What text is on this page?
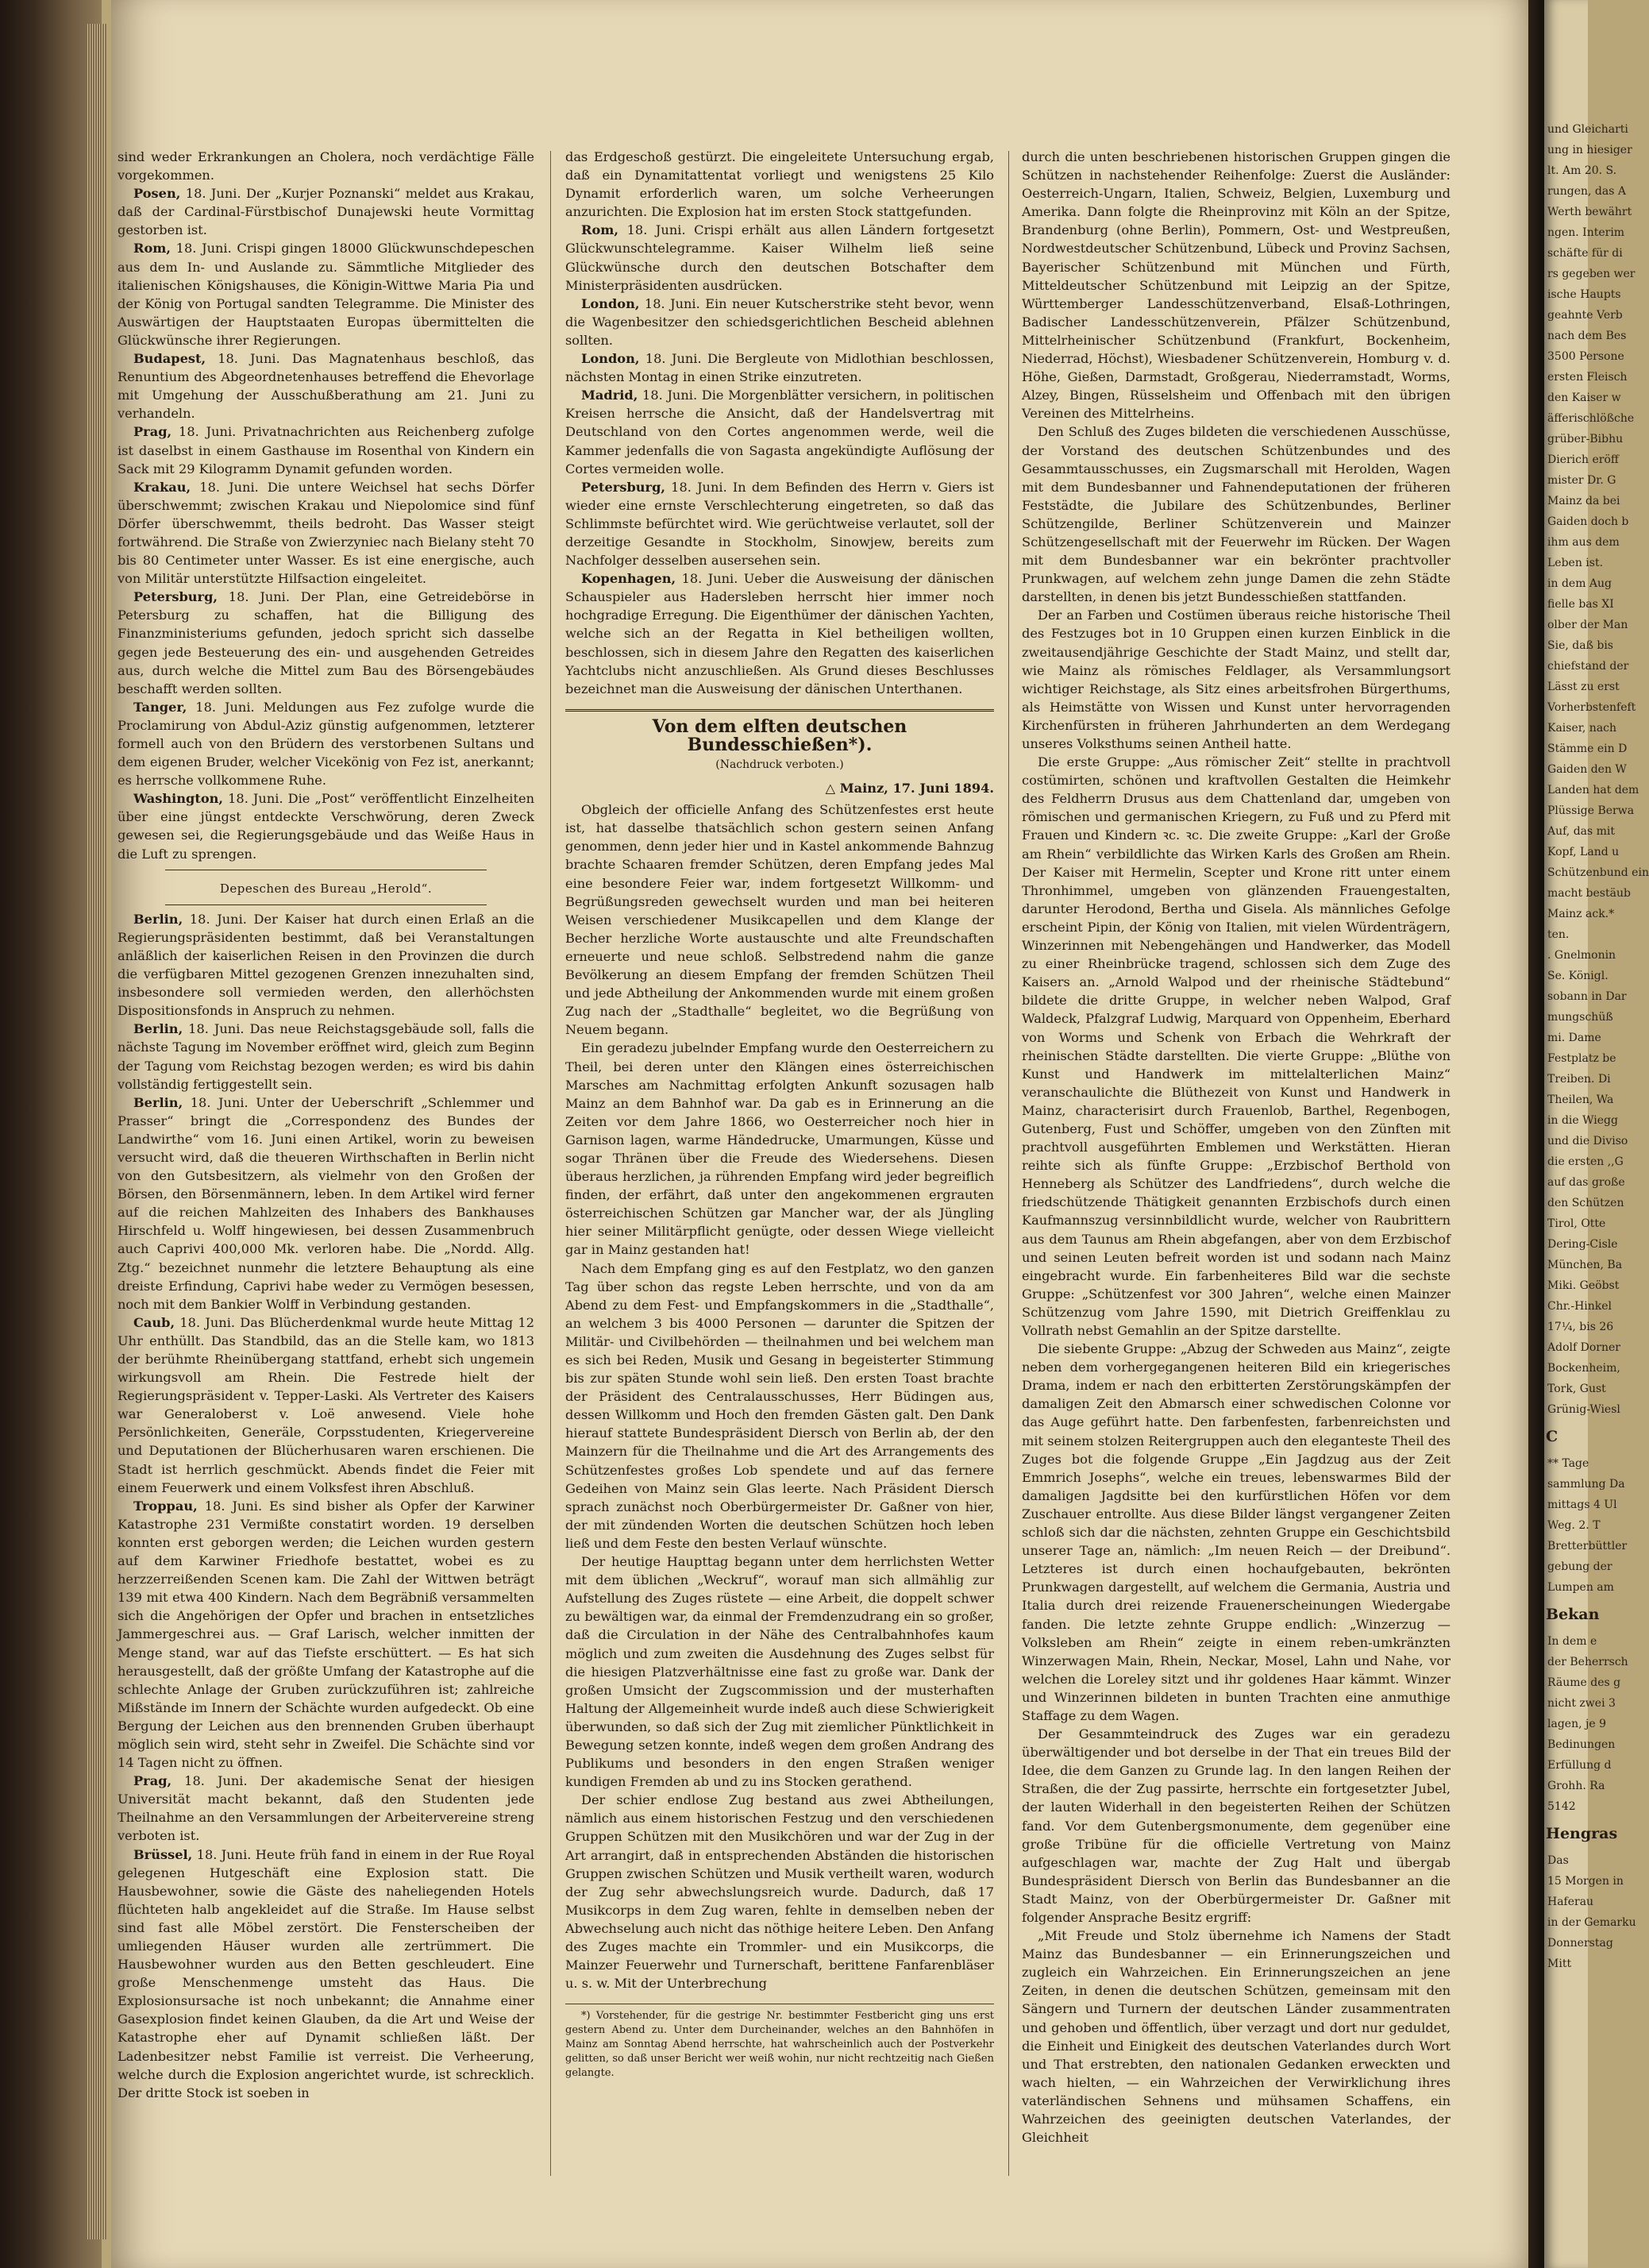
sind weder Erkrankungen an Cholera, noch verdächtige Fälle vorgekommen.

Posen, 18. Juni. Der „Kurjer Poznanski“ meldet aus Krakau, daß der Cardinal-Fürstbischof Dunajewski heute Vormittag gestorben ist.

Rom, 18. Juni. Crispi gingen 18000 Glückwunschdepeschen aus dem In- und Auslande zu. Sämmtliche Mitglieder des italienischen Königshauses, die Königin-Wittwe Maria Pia und der König von Portugal sandten Telegramme. Die Minister des Auswärtigen der Hauptstaaten Europas übermittelten die Glückwünsche ihrer Regierungen.

Budapest, 18. Juni. Das Magnatenhaus beschloß, das Renuntium des Abgeordnetenhauses betreffend die Ehevorlage mit Umgehung der Ausschußberathung am 21. Juni zu verhandeln.

Prag, 18. Juni. Privatnachrichten aus Reichenberg zufolge ist daselbst in einem Gasthause im Rosenthal von Kindern ein Sack mit 29 Kilogramm Dynamit gefunden worden.

Krakau, 18. Juni. Die untere Weichsel hat sechs Dörfer überschwemmt; zwischen Krakau und Niepolomice sind fünf Dörfer überschwemmt, theils bedroht. Das Wasser steigt fortwährend. Die Straße von Zwierzyniec nach Bielany steht 70 bis 80 Centimeter unter Wasser. Es ist eine energische, auch von Militär unterstützte Hilfsaction eingeleitet.

Petersburg, 18. Juni. Der Plan, eine Getreidebörse in Petersburg zu schaffen, hat die Billigung des Finanzministeriums gefunden, jedoch spricht sich dasselbe gegen jede Besteuerung des ein- und ausgehenden Getreides aus, durch welche die Mittel zum Bau des Börsengebäudes beschafft werden sollten.

Tanger, 18. Juni. Meldungen aus Fez zufolge wurde die Proclamirung von Abdul-Aziz günstig aufgenommen, letzterer formell auch von den Brüdern des verstorbenen Sultans und dem eigenen Bruder, welcher Vicekönig von Fez ist, anerkannt; es herrsche vollkommene Ruhe.

Washington, 18. Juni. Die „Post“ veröffentlicht Einzelheiten über eine jüngst entdeckte Verschwörung, deren Zweck gewesen sei, die Regierungsgebäude und das Weiße Haus in die Luft zu sprengen.

Depeschen des Bureau „Herold“.

Berlin, 18. Juni. Der Kaiser hat durch einen Erlaß an die Regierungspräsidenten bestimmt, daß bei Veranstaltungen anläßlich der kaiserlichen Reisen in den Provinzen die durch die verfügbaren Mittel gezogenen Grenzen innezuhalten sind, insbesondere soll vermieden werden, den allerhöchsten Dispositionsfonds in Anspruch zu nehmen.

Berlin, 18. Juni. Das neue Reichstagsgebäude soll, falls die nächste Tagung im November eröffnet wird, gleich zum Beginn der Tagung vom Reichstag bezogen werden; es wird bis dahin vollständig fertiggestellt sein.

Berlin, 18. Juni. Unter der Ueberschrift „Schlemmer und Prasser“ bringt die „Correspondenz des Bundes der Landwirthe“ vom 16. Juni einen Artikel, worin zu beweisen versucht wird, daß die theueren Wirthschaften in Berlin nicht von den Gutsbesitzern, als vielmehr von den Großen der Börsen, den Börsenmännern, leben. In dem Artikel wird ferner auf die reichen Mahlzeiten des Inhabers des Bankhauses Hirschfeld u. Wolff hingewiesen, bei dessen Zusammenbruch auch Caprivi 400,000 Mk. verloren habe. Die „Nordd. Allg. Ztg.“ bezeichnet nunmehr die letztere Behauptung als eine dreiste Erfindung, Caprivi habe weder zu Vermögen besessen, noch mit dem Bankier Wolff in Verbindung gestanden.

Caub, 18. Juni. Das Blücherdenkmal wurde heute Mittag 12 Uhr enthüllt. Das Standbild, das an die Stelle kam, wo 1813 der berühmte Rheinübergang stattfand, erhebt sich ungemein wirkungsvoll am Rhein. Die Festrede hielt der Regierungspräsident v. Tepper-Laski. Als Vertreter des Kaisers war Generaloberst v. Loë anwesend. Viele hohe Persönlichkeiten, Generäle, Corpsstudenten, Kriegervereine und Deputationen der Blücherhusaren waren erschienen. Die Stadt ist herrlich geschmückt. Abends findet die Feier mit einem Feuerwerk und einem Volksfest ihren Abschluß.

Troppau, 18. Juni. Es sind bisher als Opfer der Karwiner Katastrophe 231 Vermißte constatirt worden. 19 derselben konnten erst geborgen werden; die Leichen wurden gestern auf dem Karwiner Friedhofe bestattet, wobei es zu herzzerreißenden Scenen kam. Die Zahl der Wittwen beträgt 139 mit etwa 400 Kindern. Nach dem Begräbniß versammelten sich die Angehörigen der Opfer und brachen in entsetzliches Jammergeschrei aus. — Graf Larisch, welcher inmitten der Menge stand, war auf das Tiefste erschüttert. — Es hat sich herausgestellt, daß der größte Umfang der Katastrophe auf die schlechte Anlage der Gruben zurückzuführen ist; zahlreiche Mißstände im Innern der Schächte wurden aufgedeckt. Ob eine Bergung der Leichen aus den brennenden Gruben überhaupt möglich sein wird, steht sehr in Zweifel. Die Schächte sind vor 14 Tagen nicht zu öffnen.

Prag, 18. Juni. Der akademische Senat der hiesigen Universität macht bekannt, daß den Studenten jede Theilnahme an den Versammlungen der Arbeitervereine streng verboten ist.

Brüssel, 18. Juni. Heute früh fand in einem in der Rue Royal gelegenen Hutgeschäft eine Explosion statt. Die Hausbewohner, sowie die Gäste des naheliegenden Hotels flüchteten halb angekleidet auf die Straße. Im Hause selbst sind fast alle Möbel zerstört. Die Fensterscheiben der umliegenden Häuser wurden alle zertrümmert. Die Hausbewohner wurden aus den Betten geschleudert. Eine große Menschenmenge umsteht das Haus. Die Explosionsursache ist noch unbekannt; die Annahme einer Gasexplosion findet keinen Glauben, da die Art und Weise der Katastrophe eher auf Dynamit schließen läßt. Der Ladenbesitzer nebst Familie ist verreist. Die Verheerung, welche durch die Explosion angerichtet wurde, ist schrecklich. Der dritte Stock ist soeben in

das Erdgeschoß gestürzt. Die eingeleitete Untersuchung ergab, daß ein Dynamitattentat vorliegt und wenigstens 25 Kilo Dynamit erforderlich waren, um solche Verheerungen anzurichten. Die Explosion hat im ersten Stock stattgefunden.

Rom, 18. Juni. Crispi erhält aus allen Ländern fortgesetzt Glückwunschtelegramme. Kaiser Wilhelm ließ seine Glückwünsche durch den deutschen Botschafter dem Ministerpräsidenten ausdrücken.

London, 18. Juni. Ein neuer Kutscherstrike steht bevor, wenn die Wagenbesitzer den schiedsgerichtlichen Bescheid ablehnen sollten.

London, 18. Juni. Die Bergleute von Midlothian beschlossen, nächsten Montag in einen Strike einzutreten.

Madrid, 18. Juni. Die Morgenblätter versichern, in politischen Kreisen herrsche die Ansicht, daß der Handelsvertrag mit Deutschland von den Cortes angenommen werde, weil die Kammer jedenfalls die von Sagasta angekündigte Auflösung der Cortes vermeiden wolle.

Petersburg, 18. Juni. In dem Befinden des Herrn v. Giers ist wieder eine ernste Verschlechterung eingetreten, so daß das Schlimmste befürchtet wird. Wie gerüchtweise verlautet, soll der derzeitige Gesandte in Stockholm, Sinowjew, bereits zum Nachfolger desselben ausersehen sein.

Kopenhagen, 18. Juni. Ueber die Ausweisung der dänischen Schauspieler aus Hadersleben herrscht hier immer noch hochgradige Erregung. Die Eigenthümer der dänischen Yachten, welche sich an der Regatta in Kiel betheiligen wollten, beschlossen, sich in diesem Jahre den Regatten des kaiserlichen Yachtclubs nicht anzuschließen. Als Grund dieses Beschlusses bezeichnet man die Ausweisung der dänischen Unterthanen.

Von dem elften deutschen Bundesschießen*).
(Nachdruck verboten.)
△ Mainz, 17. Juni 1894.

Obgleich der officielle Anfang des Schützenfestes erst heute ist, hat dasselbe thatsächlich schon gestern seinen Anfang genommen, denn jeder hier und in Kastel ankommende Bahnzug brachte Schaaren fremder Schützen, deren Empfang jedes Mal eine besondere Feier war, indem fortgesetzt Willkomm- und Begrüßungsreden gewechselt wurden und man bei heiteren Weisen verschiedener Musikcapellen und dem Klange der Becher herzliche Worte austauschte und alte Freundschaften erneuerte und neue schloß. Selbstredend nahm die ganze Bevölkerung an diesem Empfang der fremden Schützen Theil und jede Abtheilung der Ankommenden wurde mit einem großen Zug nach der „Stadthalle“ begleitet, wo die Begrüßung von Neuem begann.

Ein geradezu jubelnder Empfang wurde den Oesterreichern zu Theil, bei deren unter den Klängen eines österreichischen Marsches am Nachmittag erfolgten Ankunft sozusagen halb Mainz an dem Bahnhof war. Da gab es in Erinnerung an die Zeiten vor dem Jahre 1866, wo Oesterreicher noch hier in Garnison lagen, warme Händedrucke, Umarmungen, Küsse und sogar Thränen über die Freude des Wiedersehens. Diesen überaus herzlichen, ja rührenden Empfang wird jeder begreiflich finden, der erfährt, daß unter den angekommenen ergrauten österreichischen Schützen gar Mancher war, der als Jüngling hier seiner Militärpflicht genügte, oder dessen Wiege vielleicht gar in Mainz gestanden hat!

Nach dem Empfang ging es auf den Festplatz, wo den ganzen Tag über schon das regste Leben herrschte, und von da am Abend zu dem Fest- und Empfangskommers in die „Stadthalle“, an welchem 3 bis 4000 Personen — darunter die Spitzen der Militär- und Civilbehörden — theilnahmen und bei welchem man es sich bei Reden, Musik und Gesang in begeisterter Stimmung bis zur späten Stunde wohl sein ließ. Den ersten Toast brachte der Präsident des Centralausschusses, Herr Büdingen aus, dessen Willkomm und Hoch den fremden Gästen galt. Den Dank hierauf stattete Bundespräsident Diersch von Berlin ab, der den Mainzern für die Theilnahme und die Art des Arrangements des Schützenfestes großes Lob spendete und auf das fernere Gedeihen von Mainz sein Glas leerte. Nach Präsident Diersch sprach zunächst noch Oberbürgermeister Dr. Gaßner von hier, der mit zündenden Worten die deutschen Schützen hoch leben ließ und dem Feste den besten Verlauf wünschte.

Der heutige Haupttag begann unter dem herrlichsten Wetter mit dem üblichen „Weckruf“, worauf man sich allmählig zur Aufstellung des Zuges rüstete — eine Arbeit, die doppelt schwer zu bewältigen war, da einmal der Fremdenzudrang ein so großer, daß die Circulation in der Nähe des Centralbahnhofes kaum möglich und zum zweiten die Ausdehnung des Zuges selbst für die hiesigen Platzverhältnisse eine fast zu große war. Dank der großen Umsicht der Zugscommission und der musterhaften Haltung der Allgemeinheit wurde indeß auch diese Schwierigkeit überwunden, so daß sich der Zug mit ziemlicher Pünktlichkeit in Bewegung setzen konnte, indeß wegen dem großen Andrang des Publikums und besonders in den engen Straßen weniger kundigen Fremden ab und zu ins Stocken gerathend.

Der schier endlose Zug bestand aus zwei Abtheilungen, nämlich aus einem historischen Festzug und den verschiedenen Gruppen Schützen mit den Musikchören und war der Zug in der Art arrangirt, daß in entsprechenden Abständen die historischen Gruppen zwischen Schützen und Musik vertheilt waren, wodurch der Zug sehr abwechslungsreich wurde. Dadurch, daß 17 Musikcorps in dem Zug waren, fehlte in demselben neben der Abwechselung auch nicht das nöthige heitere Leben. Den Anfang des Zuges machte ein Trommler- und ein Musikcorps, die Mainzer Feuerwehr und Turnerschaft, berittene Fanfarenbläser u. s. w. Mit der Unterbrechung

*) Vorstehender, für die gestrige Nr. bestimmter Festbericht ging uns erst gestern Abend zu. Unter dem Durcheinander, welches an den Bahnhöfen in Mainz am Sonntag Abend herrschte, hat wahrscheinlich auch der Postverkehr gelitten, so daß unser Bericht wer weiß wohin, nur nicht rechtzeitig nach Gießen gelangte.

durch die unten beschriebenen historischen Gruppen gingen die Schützen in nachstehender Reihenfolge: Zuerst die Ausländer: Oesterreich-Ungarn, Italien, Schweiz, Belgien, Luxemburg und Amerika. Dann folgte die Rheinprovinz mit Köln an der Spitze, Brandenburg (ohne Berlin), Pommern, Ost- und Westpreußen, Nordwestdeutscher Schützenbund, Lübeck und Provinz Sachsen, Bayerischer Schützenbund mit München und Fürth, Mitteldeutscher Schützenbund mit Leipzig an der Spitze, Württemberger Landesschützenverband, Elsaß-Lothringen, Badischer Landesschützenverein, Pfälzer Schützenbund, Mittelrheinischer Schützenbund (Frankfurt, Bockenheim, Niederrad, Höchst), Wiesbadener Schützenverein, Homburg v. d. Höhe, Gießen, Darmstadt, Großgerau, Niederramstadt, Worms, Alzey, Bingen, Rüsselsheim und Offenbach mit den übrigen Vereinen des Mittelrheins.

Den Schluß des Zuges bildeten die verschiedenen Ausschüsse, der Vorstand des deutschen Schützenbundes und des Gesammtausschusses, ein Zugsmarschall mit Herolden, Wagen mit dem Bundesbanner und Fahnendeputationen der früheren Feststädte, die Jubilare des Schützenbundes, Berliner Schützengilde, Berliner Schützenverein und Mainzer Schützengesellschaft mit der Feuerwehr im Rücken. Der Wagen mit dem Bundesbanner war ein bekrönter prachtvoller Prunkwagen, auf welchem zehn junge Damen die zehn Städte darstellten, in denen bis jetzt Bundesschießen stattfanden.

Der an Farben und Costümen überaus reiche historische Theil des Festzuges bot in 10 Gruppen einen kurzen Einblick in die zweitausendjährige Geschichte der Stadt Mainz, und stellt dar, wie Mainz als römisches Feldlager, als Versammlungsort wichtiger Reichstage, als Sitz eines arbeitsfrohen Bürgerthums, als Heimstätte von Wissen und Kunst unter hervorragenden Kirchenfürsten in früheren Jahrhunderten an dem Werdegang unseres Volksthums seinen Antheil hatte.

Die erste Gruppe: „Aus römischer Zeit“ stellte in prachtvoll costümirten, schönen und kraftvollen Gestalten die Heimkehr des Feldherrn Drusus aus dem Chattenland dar, umgeben von römischen und germanischen Kriegern, zu Fuß und zu Pferd mit Frauen und Kindern ꝛc. ꝛc. Die zweite Gruppe: „Karl der Große am Rhein“ verbildlichte das Wirken Karls des Großen am Rhein. Der Kaiser mit Hermelin, Scepter und Krone ritt unter einem Thronhimmel, umgeben von glänzenden Frauengestalten, darunter Herodond, Bertha und Gisela. Als männliches Gefolge erscheint Pipin, der König von Italien, mit vielen Würdenträgern, Winzerinnen mit Nebengehängen und Handwerker, das Modell zu einer Rheinbrücke tragend, schlossen sich dem Zuge des Kaisers an. „Arnold Walpod und der rheinische Städtebund“ bildete die dritte Gruppe, in welcher neben Walpod, Graf Waldeck, Pfalzgraf Ludwig, Marquard von Oppenheim, Eberhard von Worms und Schenk von Erbach die Wehrkraft der rheinischen Städte darstellten. Die vierte Gruppe: „Blüthe von Kunst und Handwerk im mittelalterlichen Mainz“ veranschaulichte die Blüthezeit von Kunst und Handwerk in Mainz, characterisirt durch Frauenlob, Barthel, Regenbogen, Gutenberg, Fust und Schöffer, umgeben von den Zünften mit prachtvoll ausgeführten Emblemen und Werkstätten. Hieran reihte sich als fünfte Gruppe: „Erzbischof Berthold von Henneberg als Schützer des Landfriedens“, durch welche die friedschützende Thätigkeit genannten Erzbischofs durch einen Kaufmannszug versinnbildlicht wurde, welcher von Raubrittern aus dem Taunus am Rhein abgefangen, aber von dem Erzbischof und seinen Leuten befreit worden ist und sodann nach Mainz eingebracht wurde. Ein farbenheiteres Bild war die sechste Gruppe: „Schützenfest vor 300 Jahren“, welche einen Mainzer Schützenzug vom Jahre 1590, mit Dietrich Greiffenklau zu Vollrath nebst Gemahlin an der Spitze darstellte.

Die siebente Gruppe: „Abzug der Schweden aus Mainz“, zeigte neben dem vorhergegangenen heiteren Bild ein kriegerisches Drama, indem er nach den erbitterten Zerstörungskämpfen der damaligen Zeit den Abmarsch einer schwedischen Colonne vor das Auge geführt hatte. Den farbenfesten, farbenreichsten und mit seinem stolzen Reitergruppen auch den eleganteste Theil des Zuges bot die folgende Gruppe „Ein Jagdzug aus der Zeit Emmrich Josephs“, welche ein treues, lebenswarmes Bild der damaligen Jagdsitte bei den kurfürstlichen Höfen vor dem Zuschauer entrollte. Aus diese Bilder längst vergangener Zeiten schloß sich dar die nächsten, zehnten Gruppe ein Geschichtsbild unserer Tage an, nämlich: „Im neuen Reich — der Dreibund“. Letzteres ist durch einen hochaufgebauten, bekrönten Prunkwagen dargestellt, auf welchem die Germania, Austria und Italia durch drei reizende Frauenerscheinungen Wiedergabe fanden. Die letzte zehnte Gruppe endlich: „Winzerzug — Volksleben am Rhein“ zeigte in einem reben-umkränzten Winzerwagen Main, Rhein, Neckar, Mosel, Lahn und Nahe, vor welchen die Loreley sitzt und ihr goldenes Haar kämmt. Winzer und Winzerinnen bildeten in bunten Trachten eine anmuthige Staffage zu dem Wagen.

Der Gesammteindruck des Zuges war ein geradezu überwältigender und bot derselbe in der That ein treues Bild der Idee, die dem Ganzen zu Grunde lag. In den langen Reihen der Straßen, die der Zug passirte, herrschte ein fortgesetzter Jubel, der lauten Widerhall in den begeisterten Reihen der Schützen fand. Vor dem Gutenbergsmonumente, dem gegenüber eine große Tribüne für die officielle Vertretung von Mainz aufgeschlagen war, machte der Zug Halt und übergab Bundespräsident Diersch von Berlin das Bundesbanner an die Stadt Mainz, von der Oberbürgermeister Dr. Gaßner mit folgender Ansprache Besitz ergriff:

„Mit Freude und Stolz übernehme ich Namens der Stadt Mainz das Bundesbanner — ein Erinnerungszeichen und zugleich ein Wahrzeichen. Ein Erinnerungszeichen an jene Zeiten, in denen die deutschen Schützen, gemeinsam mit den Sängern und Turnern der deutschen Länder zusammentraten und gehoben und öffentlich, über verzagt und dort nur geduldet, die Einheit und Einigkeit des deutschen Vaterlandes durch Wort und That erstrebten, den nationalen Gedanken erweckten und wach hielten, — ein Wahrzeichen der Verwirklichung ihres vaterländischen Sehnens und mühsamen Schaffens, ein Wahrzeichen des geeinigten deutschen Vaterlandes, der Gleichheit

und Gleicharti
ung in hiesiger
lt. Am 20. S.
rungen, das A
Werth bewährt
ngen. Interim
schäfte für di
rs gegeben wer
ische Haupts
geahnte Verb
nach dem Bes
3500 Persone
ersten Fleisch
den Kaiser w
äfferischlößche
grüber-Bibhu
Dierich eröff
mister Dr. G
Mainz da bei
Gaiden doch b
ihm aus dem
Leben ist.
in dem Aug
fielle bas XI
olber der Man
Sie, daß bis
chiefstand der
Lässt zu erst
Vorherbstenfeft
Kaiser, nach
Stämme ein D
Gaiden den W
Landen hat dem
Plüssige Berwa
Auf, das mit
Kopf, Land u
Schützenbund ein
macht bestäub
Mainz ack.*
ten.
. Gnelmonin
Se. Königl.
sobann in Dar
mungschüß
mi. Dame
Festplatz be
Treiben. Di
Theilen, Wa
in die Wiegg
und die Diviso
die ersten ,,G
auf das große
den Schützen
Tirol, Otte
Dering-Cisle
München, Ba
Miki. Geöbst
Chr.-Hinkel
17¼, bis 26
Adolf Dorner
Bockenheim,
Tork, Gust
Grünig-Wiesl
C
** Tage
sammlung Da
mittags 4 Ul
Weg. 2. T
Bretterbüttler
gebung der
Lumpen am
Bekan
In dem e
der Beherrsch
Räume des g
nicht zwei 3
lagen, je 9
Bedinungen
Erfüllung d
Grohh. Ra
5142
Hengras
Das
15 Morgen in
Haferau
in der Gemarku
Donnerstag
Mitt
